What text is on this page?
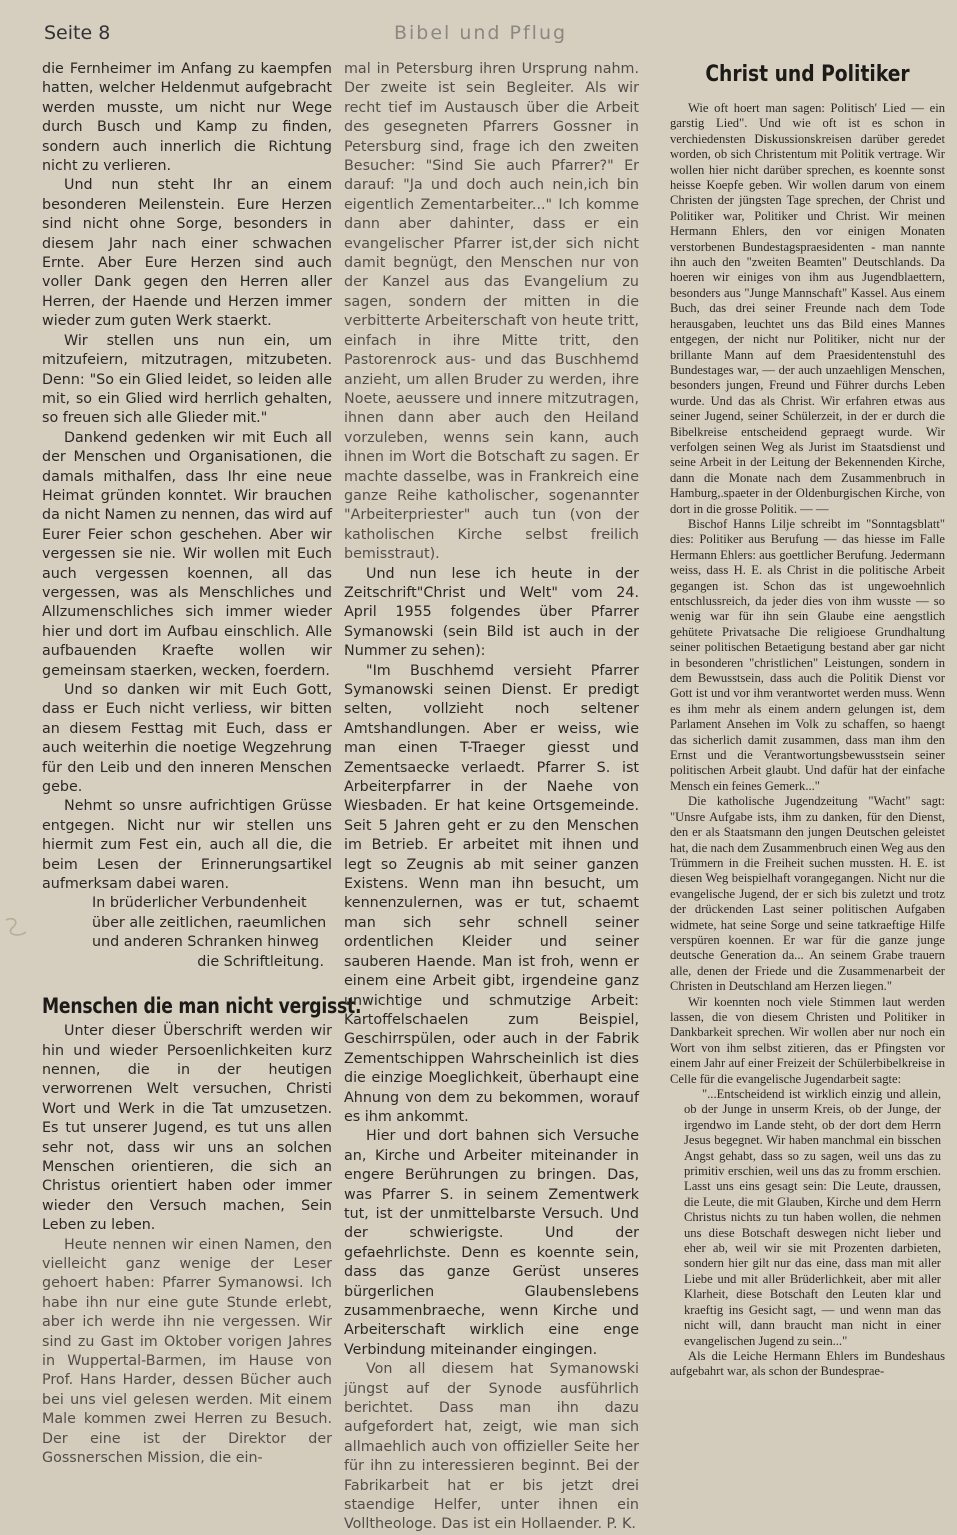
Seite 8	Bibel und Pflug

die Fernheimer im Anfang zu kaempfen hatten, welcher Heldenmut aufgebracht werden musste, um nicht nur Wege durch Busch und Kamp zu finden, sondern auch innerlich die Richtung nicht zu verlieren.

Und nun steht Ihr an einem besonderen Meilenstein. Eure Herzen sind nicht ohne Sorge, besonders in diesem Jahr nach einer schwachen Ernte. Aber Eure Herzen sind auch voller Dank gegen den Herren aller Herren, der Haende und Herzen immer wieder zum guten Werk staerkt.

Wir stellen uns nun ein, um mitzufeiern, mitzutragen, mitzubeten. Denn: "So ein Glied leidet, so leiden alle mit, so ein Glied wird herrlich gehalten, so freuen sich alle Glieder mit."

Dankend gedenken wir mit Euch all der Menschen und Organisationen, die damals mithalfen, dass Ihr eine neue Heimat gründen konntet. Wir brauchen da nicht Namen zu nennen, das wird auf Eurer Feier schon geschehen. Aber wir vergessen sie nie. Wir wollen mit Euch auch vergessen koennen, all das vergessen, was als Menschliches und Allzumenschliches sich immer wieder hier und dort im Aufbau einschlich. Alle aufbauenden Kraefte wollen wir gemeinsam staerken, wecken, foerdern.

Und so danken wir mit Euch Gott, dass er Euch nicht verliess, wir bitten an diesem Festtag mit Euch, dass er auch weiterhin die noetige Wegzehrung für den Leib und den inneren Menschen gebe.

Nehmt so unsre aufrichtigen Grüsse entgegen. Nicht nur wir stellen uns hiermit zum Fest ein, auch all die, die beim Lesen der Erinnerungsartikel aufmerksam dabei waren.

In brüderlicher Verbundenheit über alle zeitlichen, raeumlichen und anderen Schranken hinweg
die Schriftleitung.
Menschen die man nicht vergisst.

Unter dieser Überschrift werden wir hin und wieder Persoenlichkeiten kurz nennen, die in der heutigen verworrenen Welt versuchen, Christi Wort und Werk in die Tat umzusetzen. Es tut unserer Jugend, es tut uns allen sehr not, dass wir uns an solchen Menschen orientieren, die sich an Christus orientiert haben oder immer wieder den Versuch machen, Sein Leben zu leben.

Heute nennen wir einen Namen, den vielleicht ganz wenige der Leser gehoert haben: Pfarrer Symanowsi. Ich habe ihn nur eine gute Stunde erlebt, aber ich werde ihn nie vergessen. Wir sind zu Gast im Oktober vorigen Jahres in Wuppertal-Barmen, im Hause von Prof. Hans Harder, dessen Bücher auch bei uns viel gelesen werden. Mit einem Male kommen zwei Herren zu Besuch. Der eine ist der Direktor der Gossnerschen Mission, die ein-

mal in Petersburg ihren Ursprung nahm. Der zweite ist sein Begleiter. Als wir recht tief im Austausch über die Arbeit des gesegneten Pfarrers Gossner in Petersburg sind, frage ich den zweiten Besucher: "Sind Sie auch Pfarrer?" Er darauf: "Ja und doch auch nein,ich bin eigentlich Zementarbeiter..." Ich komme dann aber dahinter, dass er ein evangelischer Pfarrer ist,der sich nicht damit begnügt, den Menschen nur von der Kanzel aus das Evangelium zu sagen, sondern der mitten in die verbitterte Arbeiterschaft von heute tritt, einfach in ihre Mitte tritt, den Pastorenrock aus- und das Buschhemd anzieht, um allen Bruder zu werden, ihre Noete, aeussere und innere mitzutragen, ihnen dann aber auch den Heiland vorzuleben, wenns sein kann, auch ihnen im Wort die Botschaft zu sagen. Er machte dasselbe, was in Frankreich eine ganze Reihe katholischer, sogenannter "Arbeiterpriester" auch tun (von der katholischen Kirche selbst freilich bemisstraut).

Und nun lese ich heute in der Zeitschrift"Christ und Welt" vom 24. April 1955 folgendes über Pfarrer Symanowski (sein Bild ist auch in der Nummer zu sehen):

"Im Buschhemd versieht Pfarrer Symanowski seinen Dienst. Er predigt selten, vollzieht noch seltener Amtshandlungen. Aber er weiss, wie man einen T-Traeger giesst und Zementsaecke verlaedt. Pfarrer S. ist Arbeiterpfarrer in der Naehe von Wiesbaden. Er hat keine Ortsgemeinde. Seit 5 Jahren geht er zu den Menschen im Betrieb. Er arbeitet mit ihnen und legt so Zeugnis ab mit seiner ganzen Existens. Wenn man ihn besucht, um kennenzulernen, was er tut, schaemt man sich sehr schnell seiner ordentlichen Kleider und seiner sauberen Haende. Man ist froh, wenn er einem eine Arbeit gibt, irgendeine ganz unwichtige und schmutzige Arbeit: Kartoffelschaelen zum Beispiel, Geschirrspülen, oder auch in der Fabrik Zementschippen Wahrscheinlich ist dies die einzige Moeglichkeit, überhaupt eine Ahnung von dem zu bekommen, worauf es ihm ankommt.

Hier und dort bahnen sich Versuche an, Kirche und Arbeiter miteinander in engere Berührungen zu bringen. Das, was Pfarrer S. in seinem Zementwerk tut, ist der unmittelbarste Versuch. Und der schwierigste. Und der gefaehrlichste. Denn es koennte sein, dass das ganze Gerüst unseres bürgerlichen Glaubenslebens zusammenbraeche, wenn Kirche und Arbeiterschaft wirklich eine enge Verbindung miteinander eingingen.

Von all diesem hat Symanowski jüngst auf der Synode ausführlich berichtet. Dass man ihn dazu aufgefordert hat, zeigt, wie man sich allmaehlich auch von offizieller Seite her für ihn zu interessieren beginnt. Bei der Fabrikarbeit hat er bis jetzt drei staendige Helfer, unter ihnen ein Volltheologe. Das ist ein Hollaender. P. K.

Christ und Politiker

Wie oft hoert man sagen: Politisch' Lied — ein garstig Lied". Und wie oft ist es schon in verchiedensten Diskussionskreisen darüber geredet worden, ob sich Christentum mit Politik vertrage. Wir wollen hier nicht darüber sprechen, es koennte sonst heisse Koepfe geben. Wir wollen darum von einem Christen der jüngsten Tage sprechen, der Christ und Politiker war, Politiker und Christ. Wir meinen Hermann Ehlers, den vor einigen Monaten verstorbenen Bundestagspraesidenten - man nannte ihn auch den "zweiten Beamten" Deutschlands. Da hoeren wir einiges von ihm aus Jugendblaettern, besonders aus "Junge Mannschaft" Kassel. Aus einem Buch, das drei seiner Freunde nach dem Tode herausgaben, leuchtet uns das Bild eines Mannes entgegen, der nicht nur Politiker, nicht nur der brillante Mann auf dem Praesidentenstuhl des Bundestages war, — der auch unzaehligen Menschen, besonders jungen, Freund und Führer durchs Leben wurde. Und das als Christ. Wir erfahren etwas aus seiner Jugend, seiner Schülerzeit, in der er durch die Bibelkreise entscheidend gepraegt wurde. Wir verfolgen seinen Weg als Jurist im Staatsdienst und seine Arbeit in der Leitung der Bekennenden Kirche, dann die Monate nach dem Zusammenbruch in Hamburg,.spaeter in der Oldenburgischen Kirche, von dort in die grosse Politik. — —

Bischof Hanns Lilje schreibt im "Sonntagsblatt" dies: Politiker aus Berufung — das hiesse im Falle Hermann Ehlers: aus goettlicher Berufung. Jedermann weiss, dass H. E. als Christ in die politische Arbeit gegangen ist. Schon das ist ungewoehnlich entschlussreich, da jeder dies von ihm wusste — so wenig war für ihn sein Glaube eine aengstlich gehütete Privatsache Die religioese Grundhaltung seiner politischen Betaetigung bestand aber gar nicht in besonderen "christlichen" Leistungen, sondern in dem Bewusstsein, dass auch die Politik Dienst vor Gott ist und vor ihm verantwortet werden muss. Wenn es ihm mehr als einem andern gelungen ist, dem Parlament Ansehen im Volk zu schaffen, so haengt das sicherlich damit zusammen, dass man ihm den Ernst und die Verantwortungsbewusstsein seiner politischen Arbeit glaubt. Und dafür hat der einfache Mensch ein feines Gemerk..."

Die katholische Jugendzeitung "Wacht" sagt: "Unsre Aufgabe ists, ihm zu danken, für den Dienst, den er als Staatsmann den jungen Deutschen geleistet hat, die nach dem Zusammenbruch einen Weg aus den Trümmern in die Freiheit suchen mussten. H. E. ist diesen Weg beispielhaft vorangegangen. Nicht nur die evangelische Jugend, der er sich bis zuletzt und trotz der drückenden Last seiner politischen Aufgaben widmete, hat seine Sorge und seine tatkraeftige Hilfe verspüren koennen. Er war für die ganze junge deutsche Generation da... An seinem Grabe trauern alle, denen der Friede und die Zusammenarbeit der Christen in Deutschland am Herzen liegen."

Wir koennten noch viele Stimmen laut werden lassen, die von diesem Christen und Politiker in Dankbarkeit sprechen. Wir wollen aber nur noch ein Wort von ihm selbst zitieren, das er Pfingsten vor einem Jahr auf einer Freizeit der Schülerbibelkreise in Celle für die evangelische Jugendarbeit sagte:

"...Entscheidend ist wirklich einzig und allein, ob der Junge in unserm Kreis, ob der Junge, der irgendwo im Lande steht, ob der dort dem Herrn Jesus begegnet. Wir haben manchmal ein bisschen Angst gehabt, dass so zu sagen, weil uns das zu primitiv erschien, weil uns das zu fromm erschien. Lasst uns eins gesagt sein: Die Leute, draussen, die Leute, die mit Glauben, Kirche und dem Herrn Christus nichts zu tun haben wollen, die nehmen uns diese Botschaft deswegen nicht lieber und eher ab, weil wir sie mit Prozenten darbieten, sondern hier gilt nur das eine, dass man mit aller Liebe und mit aller Brüderlichkeit, aber mit aller Klarheit, diese Botschaft den Leuten klar und kraeftig ins Gesicht sagt, — und wenn man das nicht will, dann braucht man nicht in einer evangelischen Jugend zu sein..."

Als die Leiche Hermann Ehlers im Bundeshaus aufgebahrt war, als schon der Bundesprae-
